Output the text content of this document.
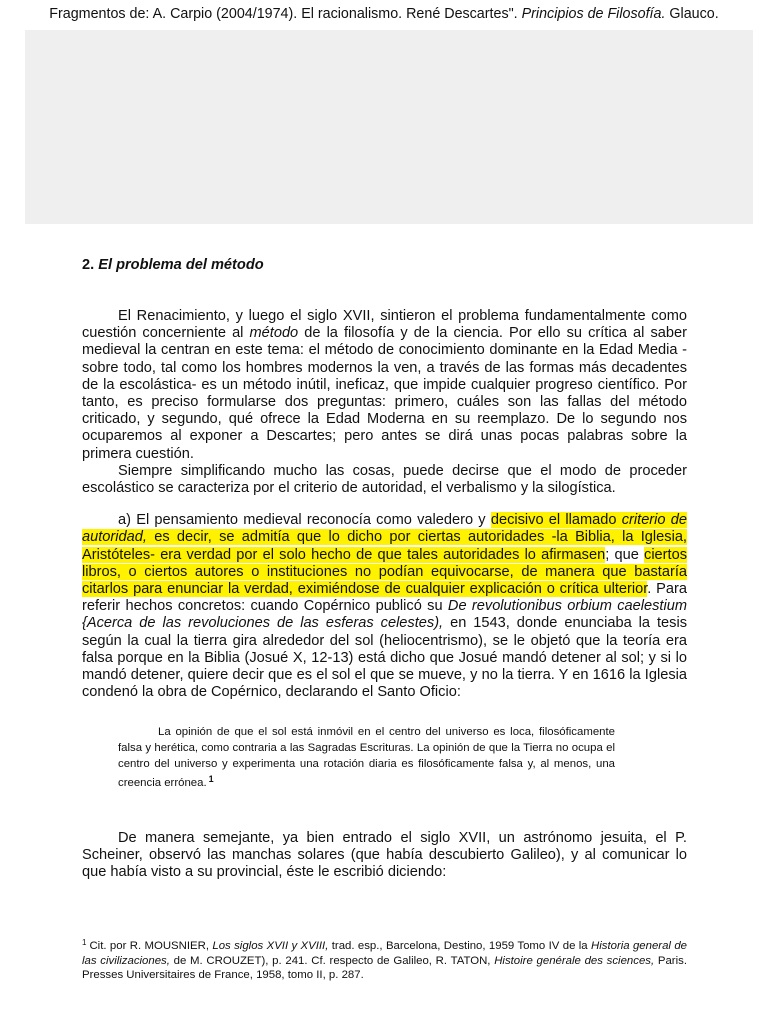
Fragmentos de: A. Carpio (2004/1974). El racionalismo. René Descartes". Principios de Filosofía. Glauco.

2. El problema del método

El Renacimiento, y luego el siglo XVII, sintieron el problema fundamentalmente como cuestión concerniente al método de la filosofía y de la ciencia. Por ello su crítica al saber medieval la centran en este tema: el método de conocimiento dominante en la Edad Media -sobre todo, tal como los hombres modernos la ven, a través de las formas más decadentes de la escolástica- es un método inútil, ineficaz, que impide cualquier progreso científico. Por tanto, es preciso formularse dos preguntas: primero, cuáles son las fallas del método criticado, y segundo, qué ofrece la Edad Moderna en su reemplazo. De lo segundo nos ocuparemos al exponer a Descartes; pero antes se dirá unas pocas palabras sobre la primera cuestión.

Siempre simplificando mucho las cosas, puede decirse que el modo de proceder escolástico se caracteriza por el criterio de autoridad, el verbalismo y la silogística.

a) El pensamiento medieval reconocía como valedero y decisivo el llamado criterio de autoridad, es decir, se admitía que lo dicho por ciertas autoridades -la Biblia, la Iglesia, Aristóteles- era verdad por el solo hecho de que tales autoridades lo afirmasen; que ciertos libros, o ciertos autores o instituciones no podían equivocarse, de manera que bastaría citarlos para enunciar la verdad, eximiéndose de cualquier explicación o crítica ulterior. Para referir hechos concretos: cuando Copérnico publicó su De revolutionibus orbium caelestium {Acerca de las revoluciones de las esferas celestes), en 1543, donde enunciaba la tesis según la cual la tierra gira alrededor del sol (heliocentrismo), se le objetó que la teoría era falsa porque en la Biblia (Josué X, 12-13) está dicho que Josué mandó detener al sol; y si lo mandó detener, quiere decir que es el sol el que se mueve, y no la tierra. Y en 1616 la Iglesia condenó la obra de Copérnico, declarando el Santo Oficio:

La opinión de que el sol está inmóvil en el centro del universo es loca, filosóficamente falsa y herética, como contraria a las Sagradas Escrituras. La opinión de que la Tierra no ocupa el centro del universo y experimenta una rotación diaria es filosóficamente falsa y, al menos, una creencia errónea. $^1$

De manera semejante, ya bien entrado el siglo XVII, un astrónomo jesuita, el P. Scheiner, observó las manchas solares (que había descubierto Galileo), y al comunicar lo que había visto a su provincial, éste le escribió diciendo:

$^1$ Cit. por R. MOUSNIER, Los siglos XVII y XVIII, trad. esp., Barcelona, Destino, 1959 Tomo IV de la Historia general de las civilizaciones, de M. CROUZET), p. 241. Cf. respecto de Galileo, R. TATON, Histoire genérale des sciences, Paris. Presses Universitaires de France, 1958, tomo II, p. 287.
